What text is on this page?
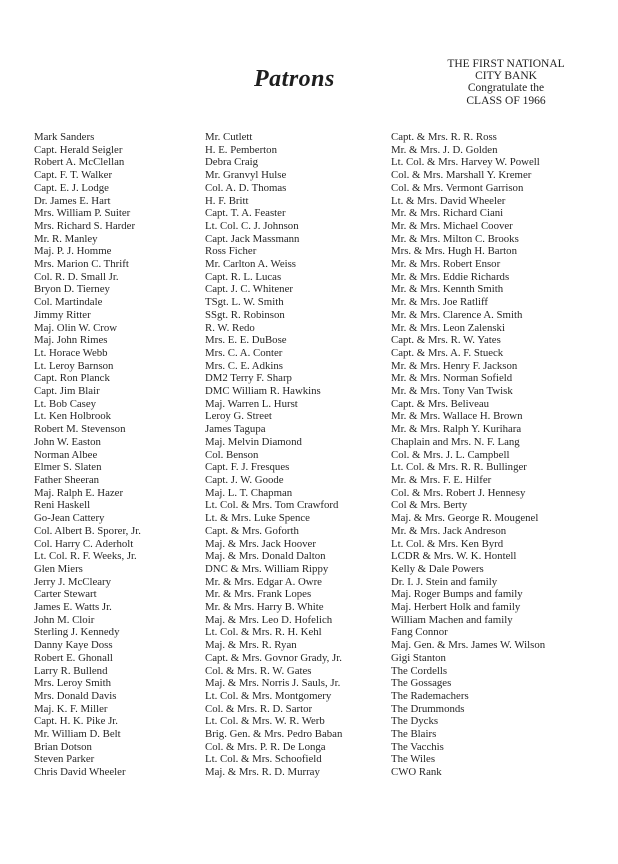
Patrons
THE FIRST NATIONAL
CITY BANK
Congratulate the
CLASS OF 1966
Mark Sanders
Capt. Herald Seigler
Robert A. McClellan
Capt. F. T. Walker
Capt. E. J. Lodge
Dr. James E. Hart
Mrs. William P. Suiter
Mrs. Richard S. Harder
Mr. R. Manley
Maj. P. J. Homme
Mrs. Marion C. Thrift
Col. R. D. Small Jr.
Bryon D. Tierney
Col. Martindale
Jimmy Ritter
Maj. Olin W. Crow
Maj. John Rimes
Lt. Horace Webb
Lt. Leroy Barnson
Capt. Ron Planck
Capt. Jim Blair
Lt. Bob Casey
Lt. Ken Holbrook
Robert M. Stevenson
John W. Easton
Norman Albee
Elmer S. Slaten
Father Sheeran
Maj. Ralph E. Hazer
Reni Haskell
Go-Jean Cattery
Col. Albert B. Sporer, Jr.
Col. Harry C. Aderholt
Lt. Col. R. F. Weeks, Jr.
Glen Miers
Jerry J. McCleary
Carter Stewart
James E. Watts Jr.
John M. Cloir
Sterling J. Kennedy
Danny Kaye Doss
Robert E. Ghonall
Larry R. Bullend
Mrs. Leroy Smith
Mrs. Donald Davis
Maj. K. F. Miller
Capt. H. K. Pike Jr.
Mr. William D. Belt
Brian Dotson
Steven Parker
Chris David Wheeler
Mr. Cutlett
H. E. Pemberton
Debra Craig
Mr. Granvyl Hulse
Col. A. D. Thomas
H. F. Britt
Capt. T. A. Feaster
Lt. Col. C. J. Johnson
Capt. Jack Massmann
Ross Ficher
Mr. Carlton A. Weiss
Capt. R. L. Lucas
Capt. J. C. Whitener
TSgt. L. W. Smith
SSgt. R. Robinson
R. W. Redo
Mrs. E. E. DuBose
Mrs. C. A. Conter
Mrs. C. E. Adkins
DM2 Terry F. Sharp
DMC William R. Hawkins
Maj. Warren L. Hurst
Leroy G. Street
James Tagupa
Maj. Melvin Diamond
Col. Benson
Capt. F. J. Fresques
Capt. J. W. Goode
Maj. L. T. Chapman
Lt. Col. & Mrs. Tom Crawford
Lt. & Mrs. Luke Spence
Capt. & Mrs. Goforth
Maj. & Mrs. Jack Hoover
Maj. & Mrs. Donald Dalton
DNC & Mrs. William Rippy
Mr. & Mrs. Edgar A. Owre
Mr. & Mrs. Frank Lopes
Mr. & Mrs. Harry B. White
Maj. & Mrs. Leo D. Hofelich
Lt. Col. & Mrs. R. H. Kehl
Maj. & Mrs. R. Ryan
Capt. & Mrs. Govnor Grady, Jr.
Col. & Mrs. R. W. Gates
Maj. & Mrs. Norris J. Sauls, Jr.
Lt. Col. & Mrs. Montgomery
Col. & Mrs. R. D. Sartor
Lt. Col. & Mrs. W. R. Werb
Brig. Gen. & Mrs. Pedro Baban
Col. & Mrs. P. R. De Longa
Lt. Col. & Mrs. Schoofield
Maj. & Mrs. R. D. Murray
Capt. & Mrs. R. R. Ross
Mr. & Mrs. J. D. Golden
Lt. Col. & Mrs. Harvey W. Powell
Col. & Mrs. Marshall Y. Kremer
Col. & Mrs. Vermont Garrison
Lt. & Mrs. David Wheeler
Mr. & Mrs. Richard Ciani
Mr. & Mrs. Michael Coover
Mr. & Mrs. Milton C. Brooks
Mrs. & Mrs. Hugh H. Barton
Mr. & Mrs. Robert Ensor
Mr. & Mrs. Eddie Richards
Mr. & Mrs. Kennth Smith
Mr. & Mrs. Joe Ratliff
Mr. & Mrs. Clarence A. Smith
Mr. & Mrs. Leon Zalenski
Capt. & Mrs. R. W. Yates
Capt. & Mrs. A. F. Stueck
Mr. & Mrs. Henry F. Jackson
Mr. & Mrs. Norman Sofield
Mr. & Mrs. Tony Van Twisk
Capt. & Mrs. Beliveau
Mr. & Mrs. Wallace H. Brown
Mr. & Mrs. Ralph Y. Kurihara
Chaplain and Mrs. N. F. Lang
Col. & Mrs. J. L. Campbell
Lt. Col. & Mrs. R. R. Bullinger
Mr. & Mrs. F. E. Hilfer
Col. & Mrs. Robert J. Hennesy
Col & Mrs. Berty
Maj. & Mrs. George R. Mougenel
Mr. & Mrs. Jack Andreson
Lt. Col. & Mrs. Ken Byrd
LCDR & Mrs. W. K. Hontell
Kelly & Dale Powers
Dr. I. J. Stein and family
Maj. Roger Bumps and family
Maj. Herbert Holk and family
William Machen and family
Fang Connor
Maj. Gen. & Mrs. James W. Wilson
Gigi Stanton
The Cordells
The Gossages
The Rademachers
The Drummonds
The Dycks
The Blairs
The Vacchis
The Wiles
CWO Rank
